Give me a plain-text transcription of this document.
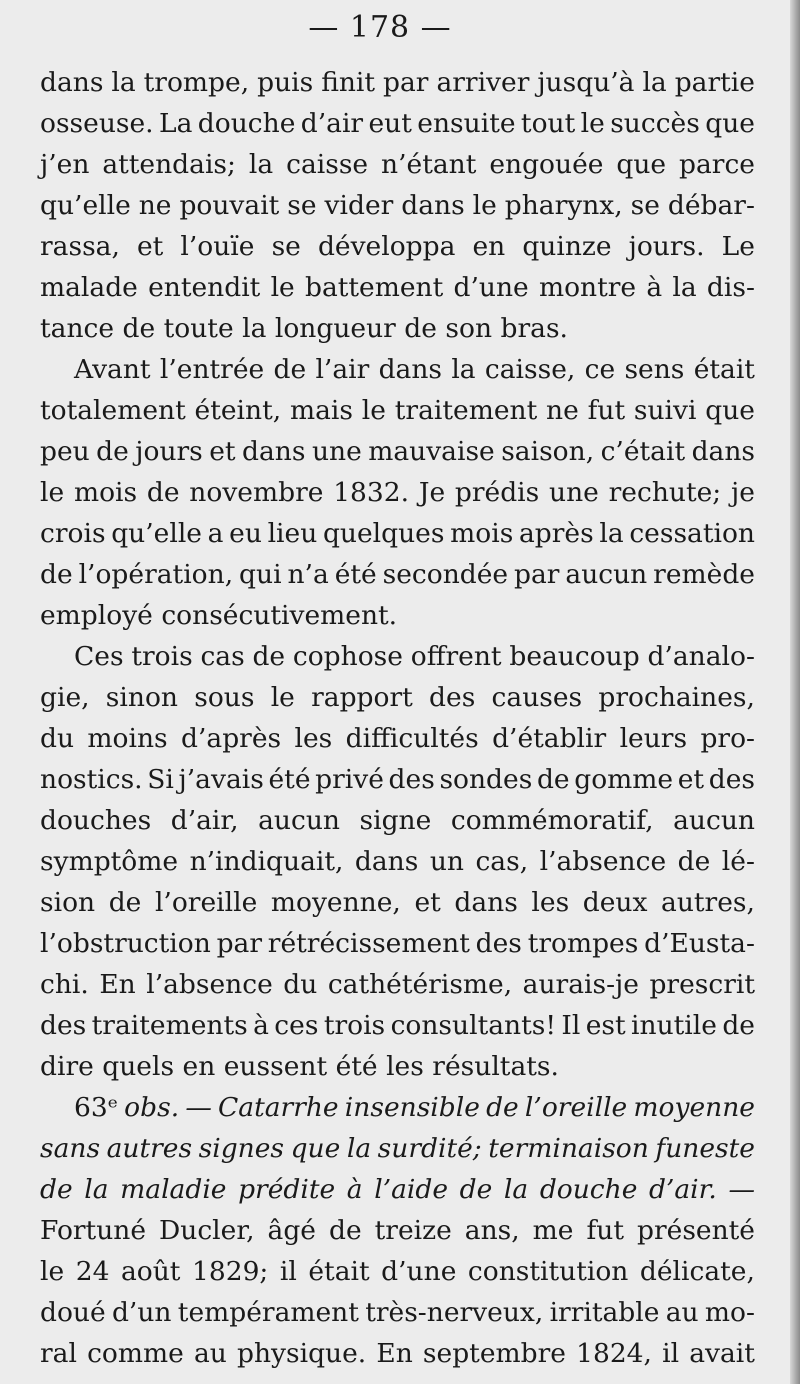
— 178 —
dans la trompe, puis finit par arriver jusqu’à la partie
osseuse. La douche d’air eut ensuite tout le succès que
j’en attendais; la caisse n’étant engouée que parce
qu’elle ne pouvait se vider dans le pharynx, se débar-
rassa, et l’ouïe se développa en quinze jours. Le
malade entendit le battement d’une montre à la dis-
tance de toute la longueur de son bras.
Avant l’entrée de l’air dans la caisse, ce sens était
totalement éteint, mais le traitement ne fut suivi que
peu de jours et dans une mauvaise saison, c’était dans
le mois de novembre 1832. Je prédis une rechute; je
crois qu’elle a eu lieu quelques mois après la cessation
de l’opération, qui n’a été secondée par aucun remède
employé consécutivement.
Ces trois cas de cophose offrent beaucoup d’analo-
gie, sinon sous le rapport des causes prochaines,
du moins d’après les difficultés d’établir leurs pro-
nostics. Si j’avais été privé des sondes de gomme et des
douches d’air, aucun signe commémoratif, aucun
symptôme n’indiquait, dans un cas, l’absence de lé-
sion de l’oreille moyenne, et dans les deux autres,
l’obstruction par rétrécissement des trompes d’Eusta-
chi. En l’absence du cathétérisme, aurais-je prescrit
des traitements à ces trois consultants! Il est inutile de
dire quels en eussent été les résultats.
63ᵉ obs. — Catarrhe insensible de l’oreille moyenne
sans autres signes que la surdité; terminaison funeste
de la maladie prédite à l’aide de la douche d’air. —
Fortuné Ducler, âgé de treize ans, me fut présenté
le 24 août 1829; il était d’une constitution délicate,
doué d’un tempérament très-nerveux, irritable au mo-
ral comme au physique. En septembre 1824, il avait
